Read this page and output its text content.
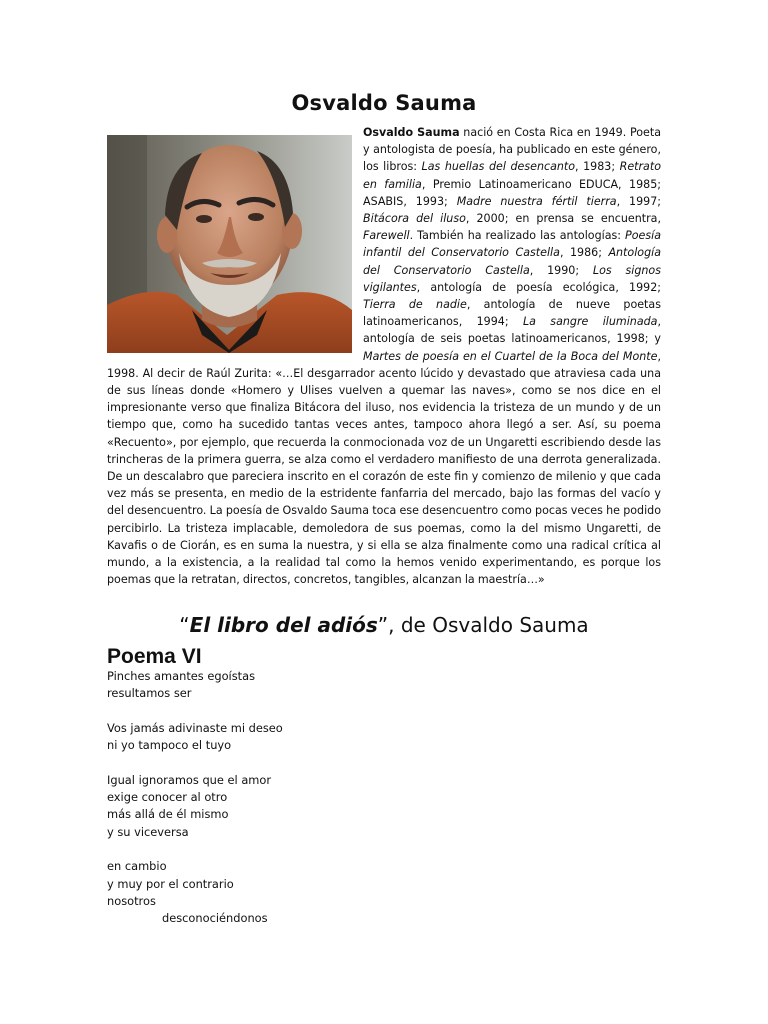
Osvaldo Sauma
Osvaldo Sauma nació en Costa Rica en 1949. Poeta y antologista de poesía, ha publicado en este género, los libros: Las huellas del desencanto, 1983; Retrato en familia, Premio Latinoamericano EDUCA, 1985; ASABIS, 1993; Madre nuestra fértil tierra, 1997; Bitácora del iluso, 2000; en prensa se encuentra, Farewell. También ha realizado las antologías: Poesía infantil del Conservatorio Castella, 1986; Antología del Conservatorio Castella, 1990; Los signos vigilantes, antología de poesía ecológica, 1992; Tierra de nadie, antología de nueve poetas latinoamericanos, 1994; La sangre iluminada, antología de seis poetas latinoamericanos, 1998; y Martes de poesía en el Cuartel de la Boca del Monte, 1998. Al decir de Raúl Zurita: «…El desgarrador acento lúcido y devastado que atraviesa cada una de sus líneas donde «Homero y Ulises vuelven a quemar las naves», como se nos dice en el impresionante verso que finaliza Bitácora del iluso, nos evidencia la tristeza de un mundo y de un tiempo que, como ha sucedido tantas veces antes, tampoco ahora llegó a ser. Así, su poema «Recuento», por ejemplo, que recuerda la conmocionada voz de un Ungaretti escribiendo desde las trincheras de la primera guerra, se alza como el verdadero manifiesto de una derrota generalizada. De un descalabro que pareciera inscrito en el corazón de este fin y comienzo de milenio y que cada vez más se presenta, en medio de la estridente fanfarria del mercado, bajo las formas del vacío y del desencuentro. La poesía de Osvaldo Sauma toca ese desencuentro como pocas veces he podido percibirlo. La tristeza implacable, demoledora de sus poemas, como la del mismo Ungaretti, de Kavafis o de Ciorán, es en suma la nuestra, y si ella se alza finalmente como una radical crítica al mundo, a la existencia, a la realidad tal como la hemos venido experimentando, es porque los poemas que la retratan, directos, concretos, tangibles, alcanzan la maestría…»
“El libro del adiós”, de Osvaldo Sauma
Poema VI
Pinches amantes egoístas
resultamos ser
Vos jamás adivinaste mi deseo
ni yo tampoco el tuyo
Igual ignoramos que el amor
exige conocer al otro
más allá de él mismo
y su viceversa
en cambio
y muy por el contrario
nosotros
desconociéndonos
